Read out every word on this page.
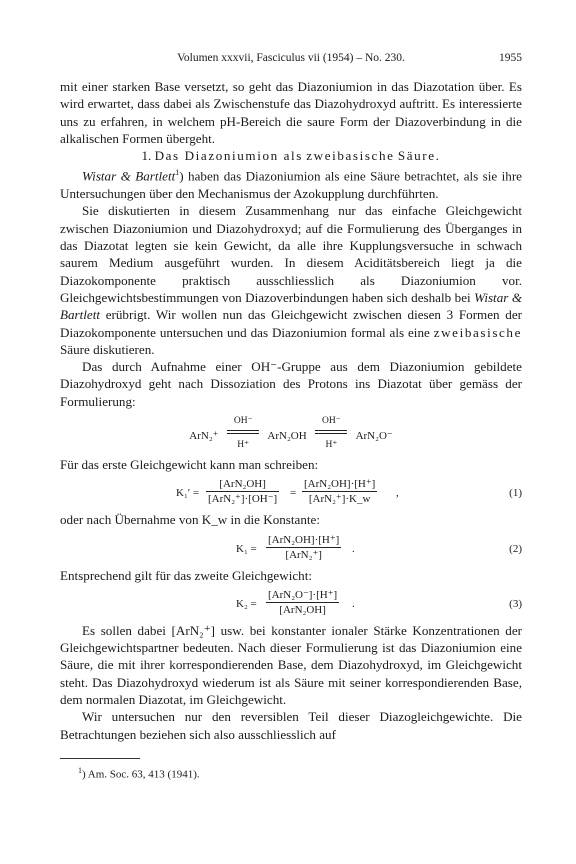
Volumen xxxvii, Fasciculus vii (1954) – No. 230.	1955

mit einer starken Base versetzt, so geht das Diazoniumion in das Diazotation über. Es wird erwartet, dass dabei als Zwischenstufe das Diazohydroxyd auftritt. Es interessierte uns zu erfahren, in welchem pH-Bereich die saure Form der Diazoverbindung in die alkalischen Formen übergeht.

1. Das Diazoniumion als zweibasische Säure.

Wistar & Bartlett$^1$) haben das Diazoniumion als eine Säure betrachtet, als sie ihre Untersuchungen über den Mechanismus der Azokupplung durchführten.

Sie diskutierten in diesem Zusammenhang nur das einfache Gleichgewicht zwischen Diazoniumion und Diazohydroxyd; auf die Formulierung des Überganges in das Diazotat legten sie kein Gewicht, da alle ihre Kupplungsversuche in schwach saurem Medium ausgeführt wurden. In diesem Aciditätsbereich liegt ja die Diazokomponente praktisch ausschliesslich als Diazoniumion vor. Gleichgewichtsbestimmungen von Diazoverbindungen haben sich deshalb bei Wistar & Bartlett erübrigt. Wir wollen nun das Gleichgewicht zwischen diesen 3 Formen der Diazokomponente untersuchen und das Diazoniumion formal als eine zweibasische Säure diskutieren.

Das durch Aufnahme einer OH⁻-Gruppe aus dem Diazoniumion gebildete Diazohydroxyd geht nach Dissoziation des Protons ins Diazotat über gemäss der Formulierung:

$ArN_2^+ \frac{OH^-}{H^+} ArN_2OH \frac{OH^-}{H^+} ArN_2O^-$

Für das erste Gleichgewicht kann man schreiben:

K₁′ =
[ArN₂OH]
[ArN₂⁺]·[OH⁻] =
[ArN₂OH]·[H⁺]
[ArN₂⁺]·K_w	,	(1)

oder nach Übernahme von K_w in die Konstante:

K₁ =
[ArN₂OH]·[H⁺]
[ArN₂⁺]	.	(2)

Entsprechend gilt für das zweite Gleichgewicht:

K₂ =
[ArN₂O⁻]·[H⁺]
[ArN₂OH]	.	(3)

Es sollen dabei [ArN₂⁺] usw. bei konstanter ionaler Stärke Konzentrationen der Gleichgewichtspartner bedeuten. Nach dieser Formulierung ist das Diazoniumion eine Säure, die mit ihrer korrespondierenden Base, dem Diazohydroxyd, im Gleichgewicht steht. Das Diazohydroxyd wiederum ist als Säure mit seiner korrespondierenden Base, dem normalen Diazotat, im Gleichgewicht.

Wir untersuchen nur den reversiblen Teil dieser Diazogleichgewichte. Die Betrachtungen beziehen sich also ausschliesslich auf

$^1$) Am. Soc. 63, 413 (1941).
